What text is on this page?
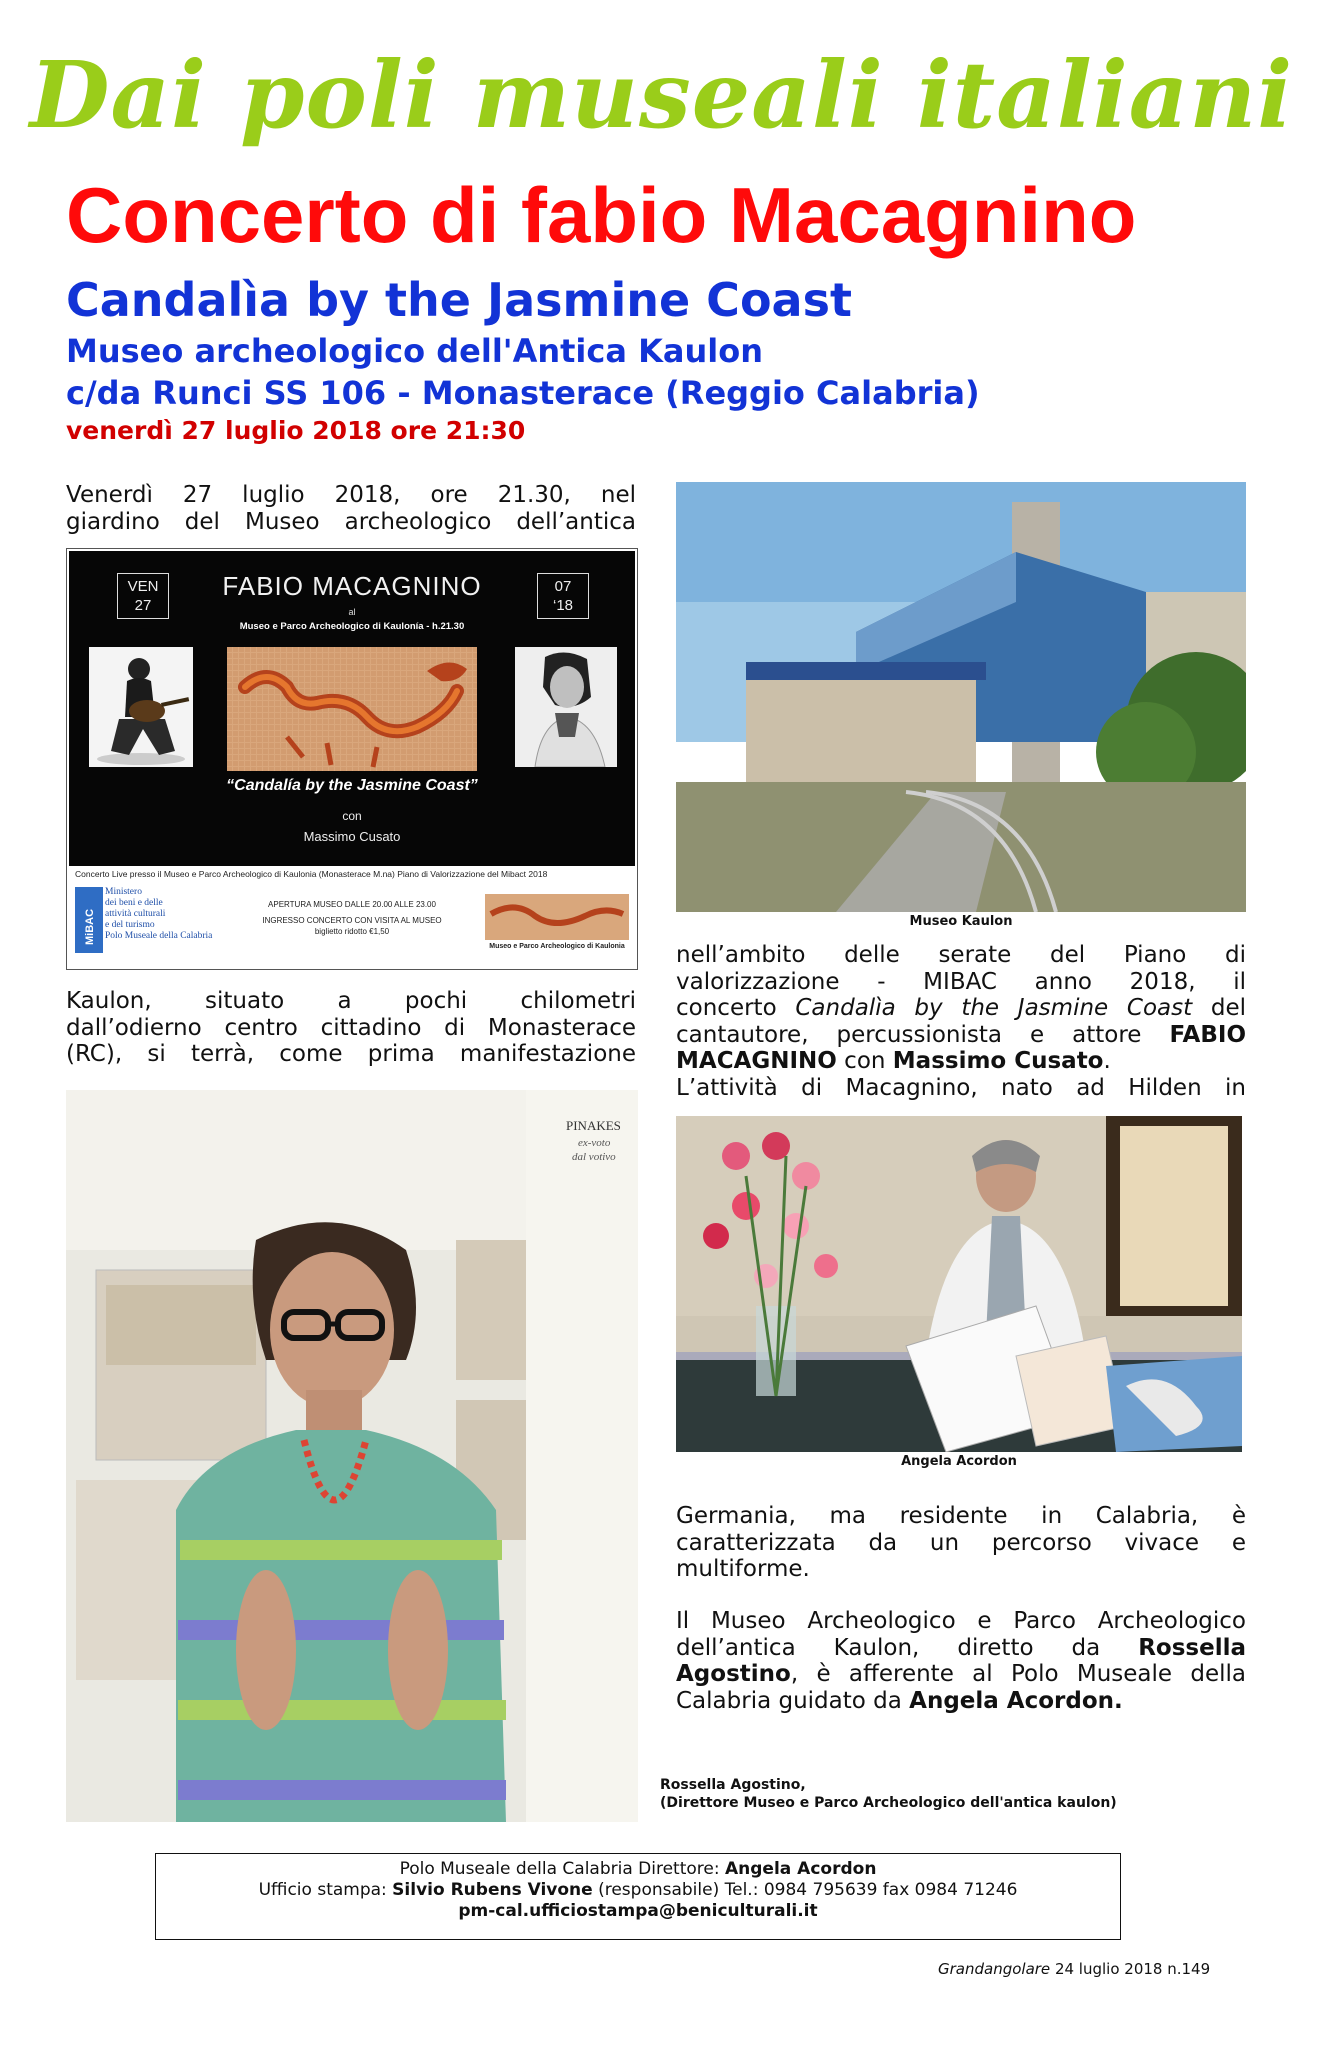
Dai poli museali italiani
Concerto di fabio Macagnino
Candalìa by the Jasmine Coast
Museo archeologico dell'Antica Kaulon
c/da Runci SS 106 - Monasterace (Reggio Calabria)
venerdì 27 luglio 2018 ore 21:30
Venerdì 27 luglio 2018, ore 21.30, nel
giardino del Museo archeologico dell’antica
VEN
27
07
‘18
FABIO MACAGNINO
al
Museo e Parco Archeologico di Kaulonía - h.21.30
“Candalía by the Jasmine Coast”
con
Massimo Cusato
Concerto Live presso il Museo e Parco Archeologico di Kaulonia (Monasterace M.na) Piano di Valorizzazione del Mibact 2018
MiBAC
Ministero
dei beni e delle
attività culturali
e del turismo
Polo Museale della Calabria
APERTURA MUSEO DALLE 20.00 ALLE 23.00
INGRESSO CONCERTO CON VISITA AL MUSEO
biglietto ridotto €1,50
Museo e Parco Archeologico di Kaulonia
Kaulon, situato a pochi chilometri
dall’odierno centro cittadino di Monasterace
(RC), si terrà, come prima manifestazione
PINAKES
ex-voto
dal votivo
Museo Kaulon
nell’ambito delle serate del Piano di
valorizzazione - MIBAC anno 2018, il
concerto Candalìa by the Jasmine Coast del
cantautore, percussionista e attore FABIO
MACAGNINO con Massimo Cusato.
L’attività di Macagnino, nato ad Hilden in
Angela Acordon
Germania, ma residente in Calabria, è
caratterizzata da un percorso vivace e
multiforme.
Il Museo Archeologico e Parco Archeologico
dell’antica Kaulon, diretto da Rossella
Agostino, è afferente al Polo Museale della
Calabria guidato da Angela Acordon.
Rossella Agostino,
(Direttore Museo e Parco Archeologico dell'antica kaulon)
Polo Museale della Calabria Direttore: Angela Acordon
Ufficio stampa: Silvio Rubens Vivone (responsabile) Tel.: 0984 795639 fax 0984 71246
pm-cal.ufficiostampa@beniculturali.it
Grandangolare 24 luglio 2018 n.149
